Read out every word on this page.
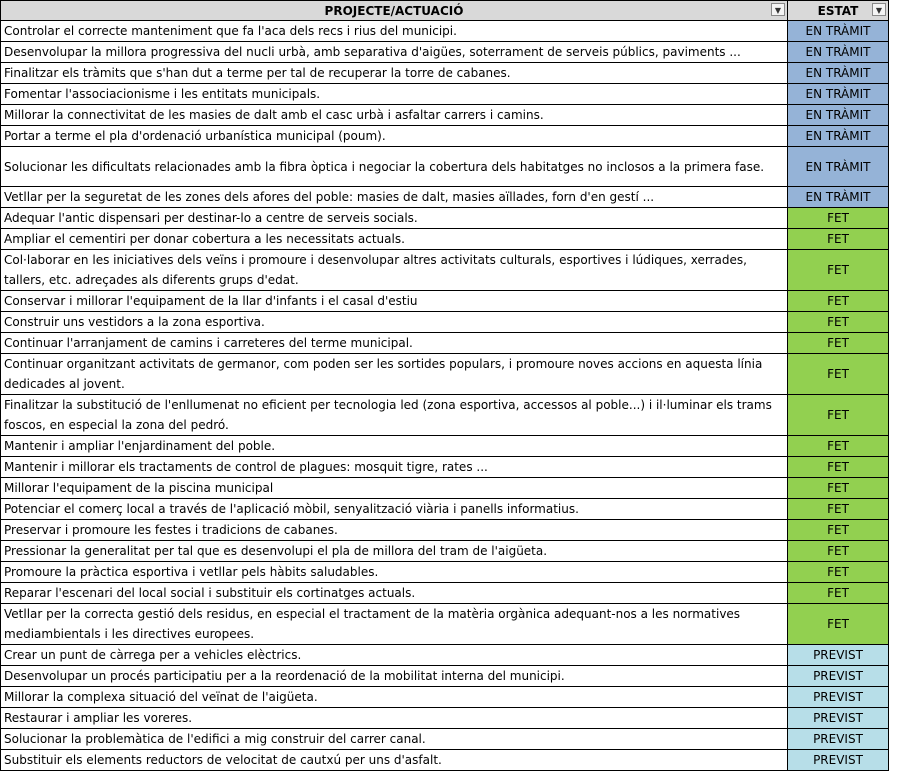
PROJECTE/ACTUACIÓ ▼	ESTAT ▼

Controlar el correcte manteniment que fa l'aca dels recs i rius del municipi.	EN TRÀMIT
Desenvolupar la millora progressiva del nucli urbà, amb separativa d'aigües, soterrament de serveis públics, paviments ...	EN TRÀMIT
Finalitzar els tràmits que s'han dut a terme per tal de recuperar la torre de cabanes.	EN TRÀMIT
Fomentar l'associacionisme i les entitats municipals.	EN TRÀMIT
Millorar la connectivitat de les masies de dalt amb el casc urbà i asfaltar carrers i camins.	EN TRÀMIT
Portar a terme el pla d'ordenació urbanística municipal (poum).	EN TRÀMIT
Solucionar les dificultats relacionades amb la fibra òptica i negociar la cobertura dels habitatges no inclosos a la primera fase.	EN TRÀMIT
Vetllar per la seguretat de les zones dels afores del poble: masies de dalt, masies aïllades, forn d'en gestí ...	EN TRÀMIT
Adequar l'antic dispensari per destinar-lo a centre de serveis socials.	FET
Ampliar el cementiri per donar cobertura a les necessitats actuals.	FET
Col·laborar en les iniciatives dels veïns i promoure i desenvolupar altres activitats culturals, esportives i lúdiques, xerrades, tallers, etc. adreçades als diferents grups d'edat.	FET
Conservar i millorar l'equipament de la llar d'infants i el casal d'estiu	FET
Construir uns vestidors a la zona esportiva.	FET
Continuar l'arranjament de camins i carreteres del terme municipal.	FET
Continuar organitzant activitats de germanor, com poden ser les sortides populars, i promoure noves accions en aquesta línia dedicades al jovent.	FET
Finalitzar la substitució de l'enllumenat no eficient per tecnologia led (zona esportiva, accessos al poble...) i il·luminar els trams foscos, en especial la zona del pedró.	FET
Mantenir i ampliar l'enjardinament del poble.	FET
Mantenir i millorar els tractaments de control de plagues: mosquit tigre, rates ...	FET
Millorar l'equipament de la piscina municipal	FET
Potenciar el comerç local a través de l'aplicació mòbil, senyalització viària i panells informatius.	FET
Preservar i promoure les festes i tradicions de cabanes.	FET
Pressionar la generalitat per tal que es desenvolupi el pla de millora del tram de l'aigüeta.	FET
Promoure la pràctica esportiva i vetllar pels hàbits saludables.	FET
Reparar l'escenari del local social i substituir els cortinatges actuals.	FET
Vetllar per la correcta gestió dels residus, en especial el tractament de la matèria orgànica adequant-nos a les normatives mediambientals i les directives europees.	FET
Crear un punt de càrrega per a vehicles elèctrics.	PREVIST
Desenvolupar un procés participatiu per a la reordenació de la mobilitat interna del municipi.	PREVIST
Millorar la complexa situació del veïnat de l'aigüeta.	PREVIST
Restaurar i ampliar les voreres.	PREVIST
Solucionar la problemàtica de l'edifici a mig construir del carrer canal.	PREVIST
Substituir els elements reductors de velocitat de cautxú per uns d'asfalt.	PREVIST
